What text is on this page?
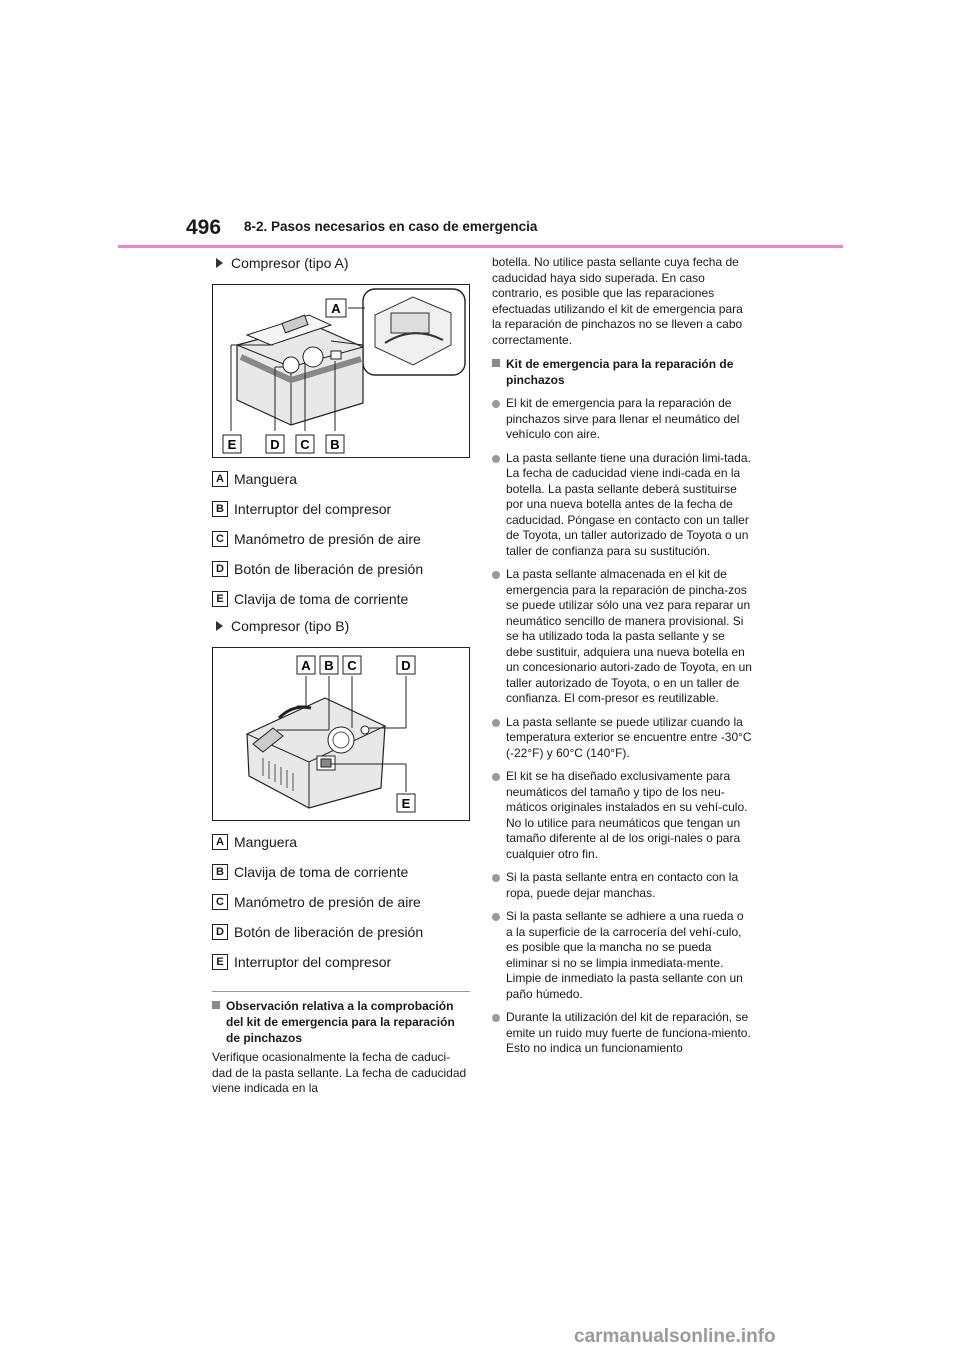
496 8-2. Pasos necesarios en caso de emergencia
Compresor (tipo A)
E	D C B
A
A Manguera
B Interruptor del compresor
C Manómetro de presión de aire
D Botón de liberación de presión
E Clavija de toma de corriente
Compresor (tipo B)
A B C	D
E
A Manguera
B Clavija de toma de corriente
C Manómetro de presión de aire
D Botón de liberación de presión
E Interruptor del compresor
Observación relativa a la comprobación del kit de emergencia para la reparación de pinchazos
Verifique ocasionalmente la fecha de caduci-dad de la pasta sellante. La fecha de caducidad viene indicada en la
botella. No utilice pasta sellante cuya fecha de caducidad haya sido superada. En caso contrario, es posible que las reparaciones efectuadas utilizando el kit de emergencia para la reparación de pinchazos no se lleven a cabo correctamente.
Kit de emergencia para la reparación de pinchazos
El kit de emergencia para la reparación de pinchazos sirve para llenar el neumático del vehículo con aire.
La pasta sellante tiene una duración limi-tada. La fecha de caducidad viene indi-cada en la botella. La pasta sellante deberá sustituirse por una nueva botella antes de la fecha de caducidad. Póngase en contacto con un taller de Toyota, un taller autorizado de Toyota o un taller de confianza para su sustitución.
La pasta sellante almacenada en el kit de emergencia para la reparación de pincha-zos se puede utilizar sólo una vez para reparar un neumático sencillo de manera provisional. Si se ha utilizado toda la pasta sellante y se debe sustituir, adquiera una nueva botella en un concesionario autori-zado de Toyota, en un taller autorizado de Toyota, o en un taller de confianza. El com-presor es reutilizable.
La pasta sellante se puede utilizar cuando la temperatura exterior se encuentre entre -30°C (-22°F) y 60°C (140°F).
El kit se ha diseñado exclusivamente para neumáticos del tamaño y tipo de los neu-máticos originales instalados en su vehí-culo. No lo utilice para neumáticos que tengan un tamaño diferente al de los origi-nales o para cualquier otro fin.
Si la pasta sellante entra en contacto con la ropa, puede dejar manchas.
Si la pasta sellante se adhiere a una rueda o a la superficie de la carrocería del vehí-culo, es posible que la mancha no se pueda eliminar si no se limpia inmediata-mente. Limpie de inmediato la pasta sellante con un paño húmedo.
Durante la utilización del kit de reparación, se emite un ruido muy fuerte de funciona-miento. Esto no indica un funcionamiento
carmanualsonline.info
